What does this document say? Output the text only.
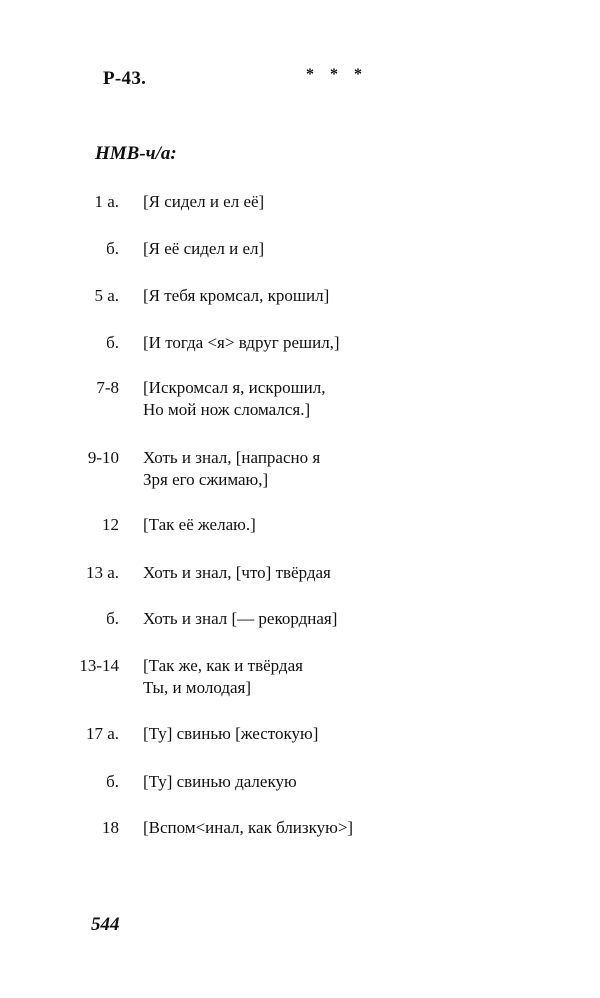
Р-43.	* * *
НМВ-ч/а:
1 а. [Я сидел и ел её]
б. [Я её сидел и ел]
5 а. [Я тебя кромсал, крошил]
б. [И тогда <я> вдруг решил,]
7-8 [Искромсал я, искрошил,
Но мой нож сломался.]
9-10 Хоть и знал, [напрасно я
Зря его сжимаю,]
12 [Так её желаю.]
13 а. Хоть и знал, [что] твёрдая
б. Хоть и знал [— рекордная]
13-14 [Так же, как и твёрдая
Ты, и молодая]
17 а. [Ту] свинью [жестокую]
б. [Ту] свинью далекую
18 [Вспом<инал, как близкую>]
544
